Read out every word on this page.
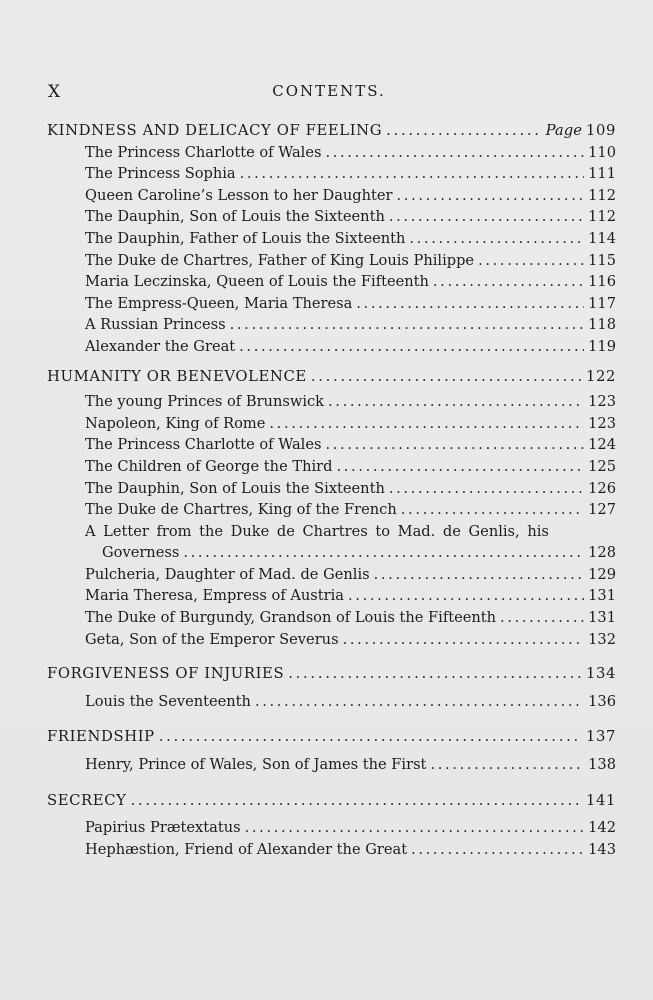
X	CONTENTS.
KINDNESS AND DELICACY OF FEELING . . .	Page 109
The Princess Charlotte of Wales . . .	110
The Princess Sophia . . .	111
Queen Caroline’s Lesson to her Daughter . . .	112
The Dauphin, Son of Louis the Sixteenth . . .	112
The Dauphin, Father of Louis the Sixteenth . . .	114
The Duke de Chartres, Father of King Louis Philippe . . .	115
Maria Leczinska, Queen of Louis the Fifteenth . . .	116
The Empress-Queen, Maria Theresa . . .	117
A Russian Princess . . .	118
Alexander the Great . . .	119
HUMANITY OR BENEVOLENCE . . .	122
The young Princes of Brunswick . . .	123
Napoleon, King of Rome . . .	123
The Princess Charlotte of Wales . . .	124
The Children of George the Third . . .	125
The Dauphin, Son of Louis the Sixteenth . . .	126
The Duke de Chartres, King of the French . . .	127
A Letter from the Duke de Chartres to Mad. de Genlis, his
Governess . . .	128
Pulcheria, Daughter of Mad. de Genlis . . .	129
Maria Theresa, Empress of Austria . . .	131
The Duke of Burgundy, Grandson of Louis the Fifteenth . . .	131
Geta, Son of the Emperor Severus . . .	132
FORGIVENESS OF INJURIES . . .	134
Louis the Seventeenth . . .	136
FRIENDSHIP . . .	137
Henry, Prince of Wales, Son of James the First . . .	138
SECRECY . . .	141
Papirius Prætextatus . . .	142
Hephæstion, Friend of Alexander the Great . . .	143
